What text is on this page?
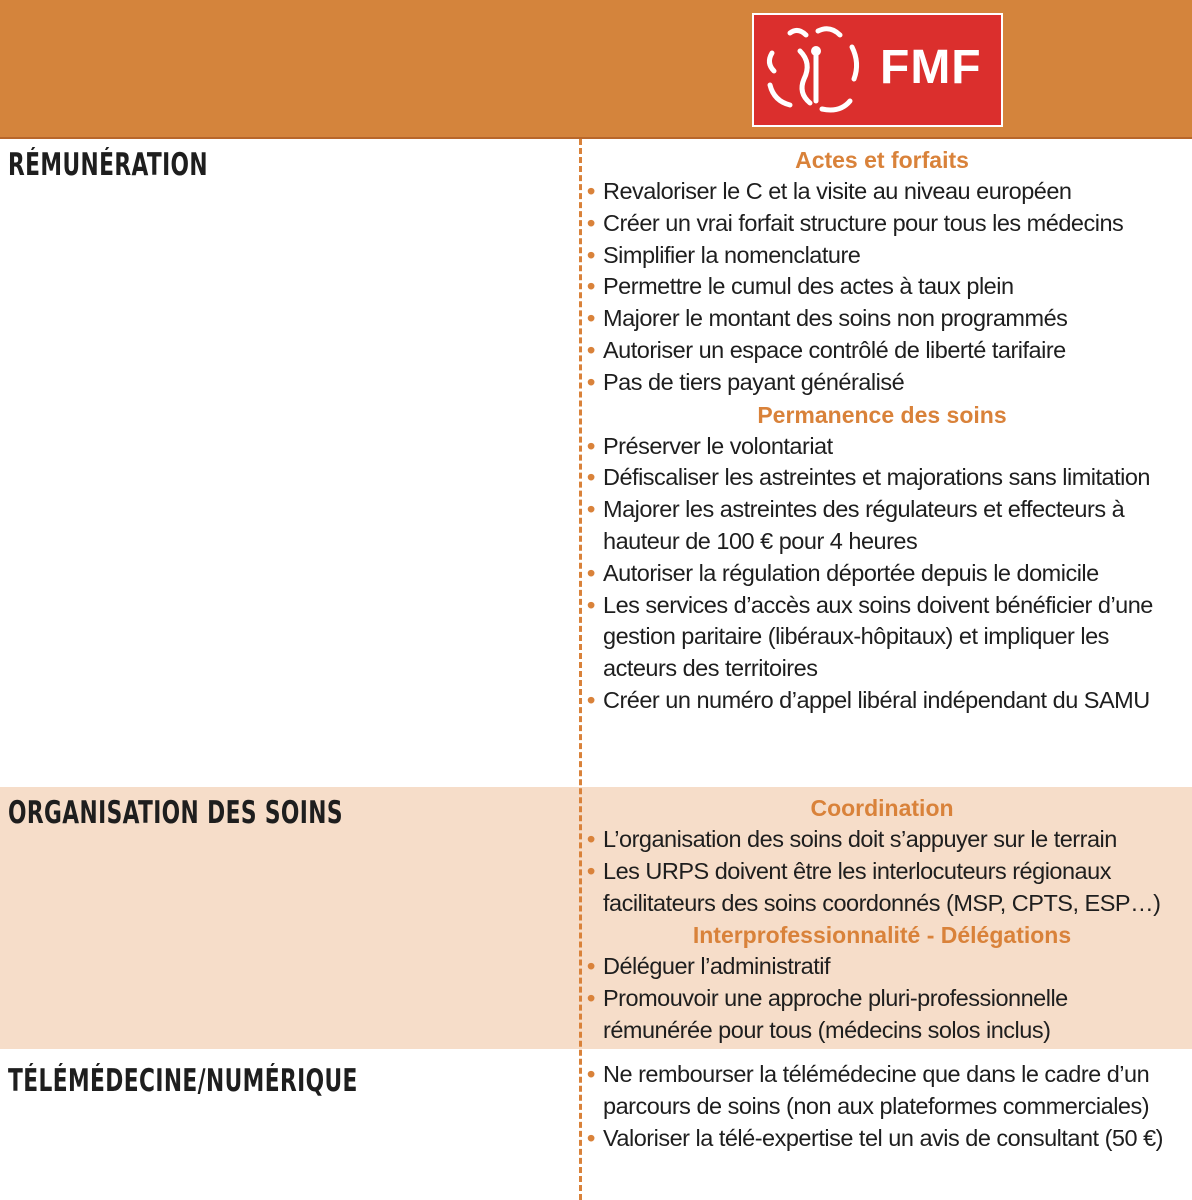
FMF
RÉMUNÉRATION
ORGANISATION DES SOINS
TÉLÉMÉDECINE/NUMÉRIQUE
Actes et forfaits
• Revaloriser le C et la visite au niveau européen
• Créer un vrai forfait structure pour tous les médecins
• Simplifier la nomenclature
• Permettre le cumul des actes à taux plein
• Majorer le montant des soins non programmés
• Autoriser un espace contrôlé de liberté tarifaire
• Pas de tiers payant généralisé
Permanence des soins
• Préserver le volontariat
• Défiscaliser les astreintes et majorations sans limitation
• Majorer les astreintes des régulateurs et effecteurs à hauteur de 100 € pour 4 heures
• Autoriser la régulation déportée depuis le domicile
• Les services d’accès aux soins doivent bénéficier d’une gestion paritaire (libéraux-hôpitaux) et impliquer les acteurs des territoires
• Créer un numéro d’appel libéral indépendant du SAMU
Coordination
• L’organisation des soins doit s’appuyer sur le terrain
• Les URPS doivent être les interlocuteurs régionaux facilitateurs des soins coordonnés (MSP, CPTS, ESP…)
Interprofessionnalité - Délégations
• Déléguer l’administratif
• Promouvoir une approche pluri-professionnelle rémunérée pour tous (médecins solos inclus)
• Ne rembourser la télémédecine que dans le cadre d’un parcours de soins (non aux plateformes commerciales)
• Valoriser la télé-expertise tel un avis de consultant (50 €)
